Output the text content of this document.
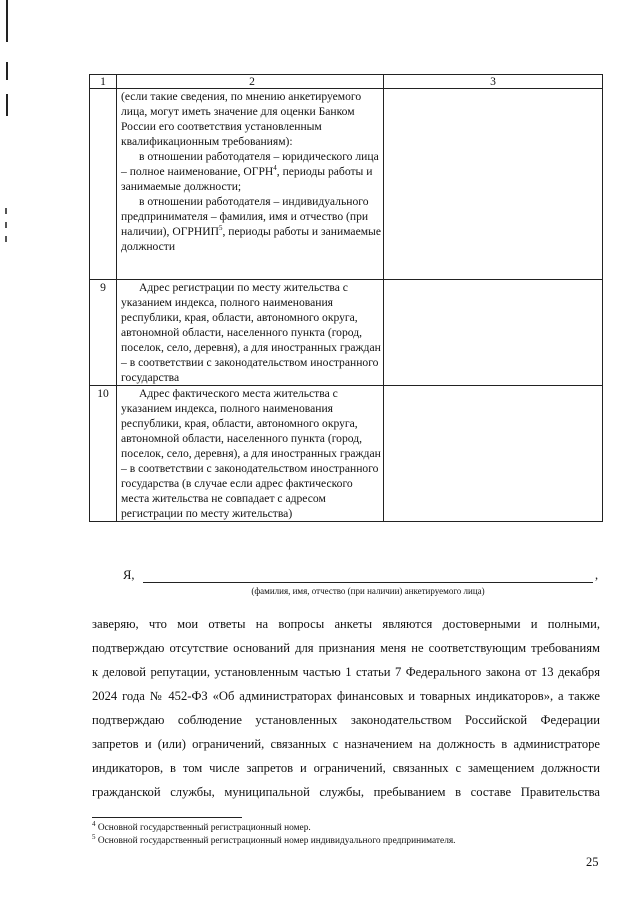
1	2	3

	(если такие сведения, по мнению анкетируемого лица, могут иметь значение для оценки Банком России его соответствия установленным квалификационным требованиям):

в отношении работодателя – юридического лица – полное наименование, ОГРН$^4$, периоды работы и занимаемые должности;

в отношении работодателя – индивидуального предпринимателя – фамилия, имя и отчество (при наличии), ОГРНИП$^5$, периоды работы и занимаемые должности	

9	Адрес регистрации по месту жительства с указанием индекса, полного наименования республики, края, области, автономного округа, автономной области, населенного пункта (город, поселок, село, деревня), а для иностранных граждан – в соответствии с законодательством иностранного государства	

10	Адрес фактического места жительства с указанием индекса, полного наименования республики, края, области, автономного округа, автономной области, населенного пункта (город, поселок, село, деревня), а для иностранных граждан – в соответствии с законодательством иностранного государства (в случае если адрес фактического места жительства не совпадает с адресом регистрации по месту жительства)	

Я,	,
(фамилия, имя, отчество (при наличии) анкетируемого лица)
заверяю, что мои ответы на вопросы анкеты являются достоверными и полными,
подтверждаю отсутствие оснований для признания меня не соответствующим требованиям
к деловой репутации, установленным частью 1 статьи 7 Федерального закона от 13 декабря
2024 года № 452-ФЗ «Об администраторах финансовых и товарных индикаторов», а также
подтверждаю соблюдение установленных законодательством Российской Федерации
запретов и (или) ограничений, связанных с назначением на должность в администраторе
индикаторов, в том числе запретов и ограничений, связанных с замещением должности
гражданской службы, муниципальной службы, пребыванием в составе Правительства
$^4$ Основной государственный регистрационный номер.
$^5$ Основной государственный регистрационный номер индивидуального предпринимателя.
25
